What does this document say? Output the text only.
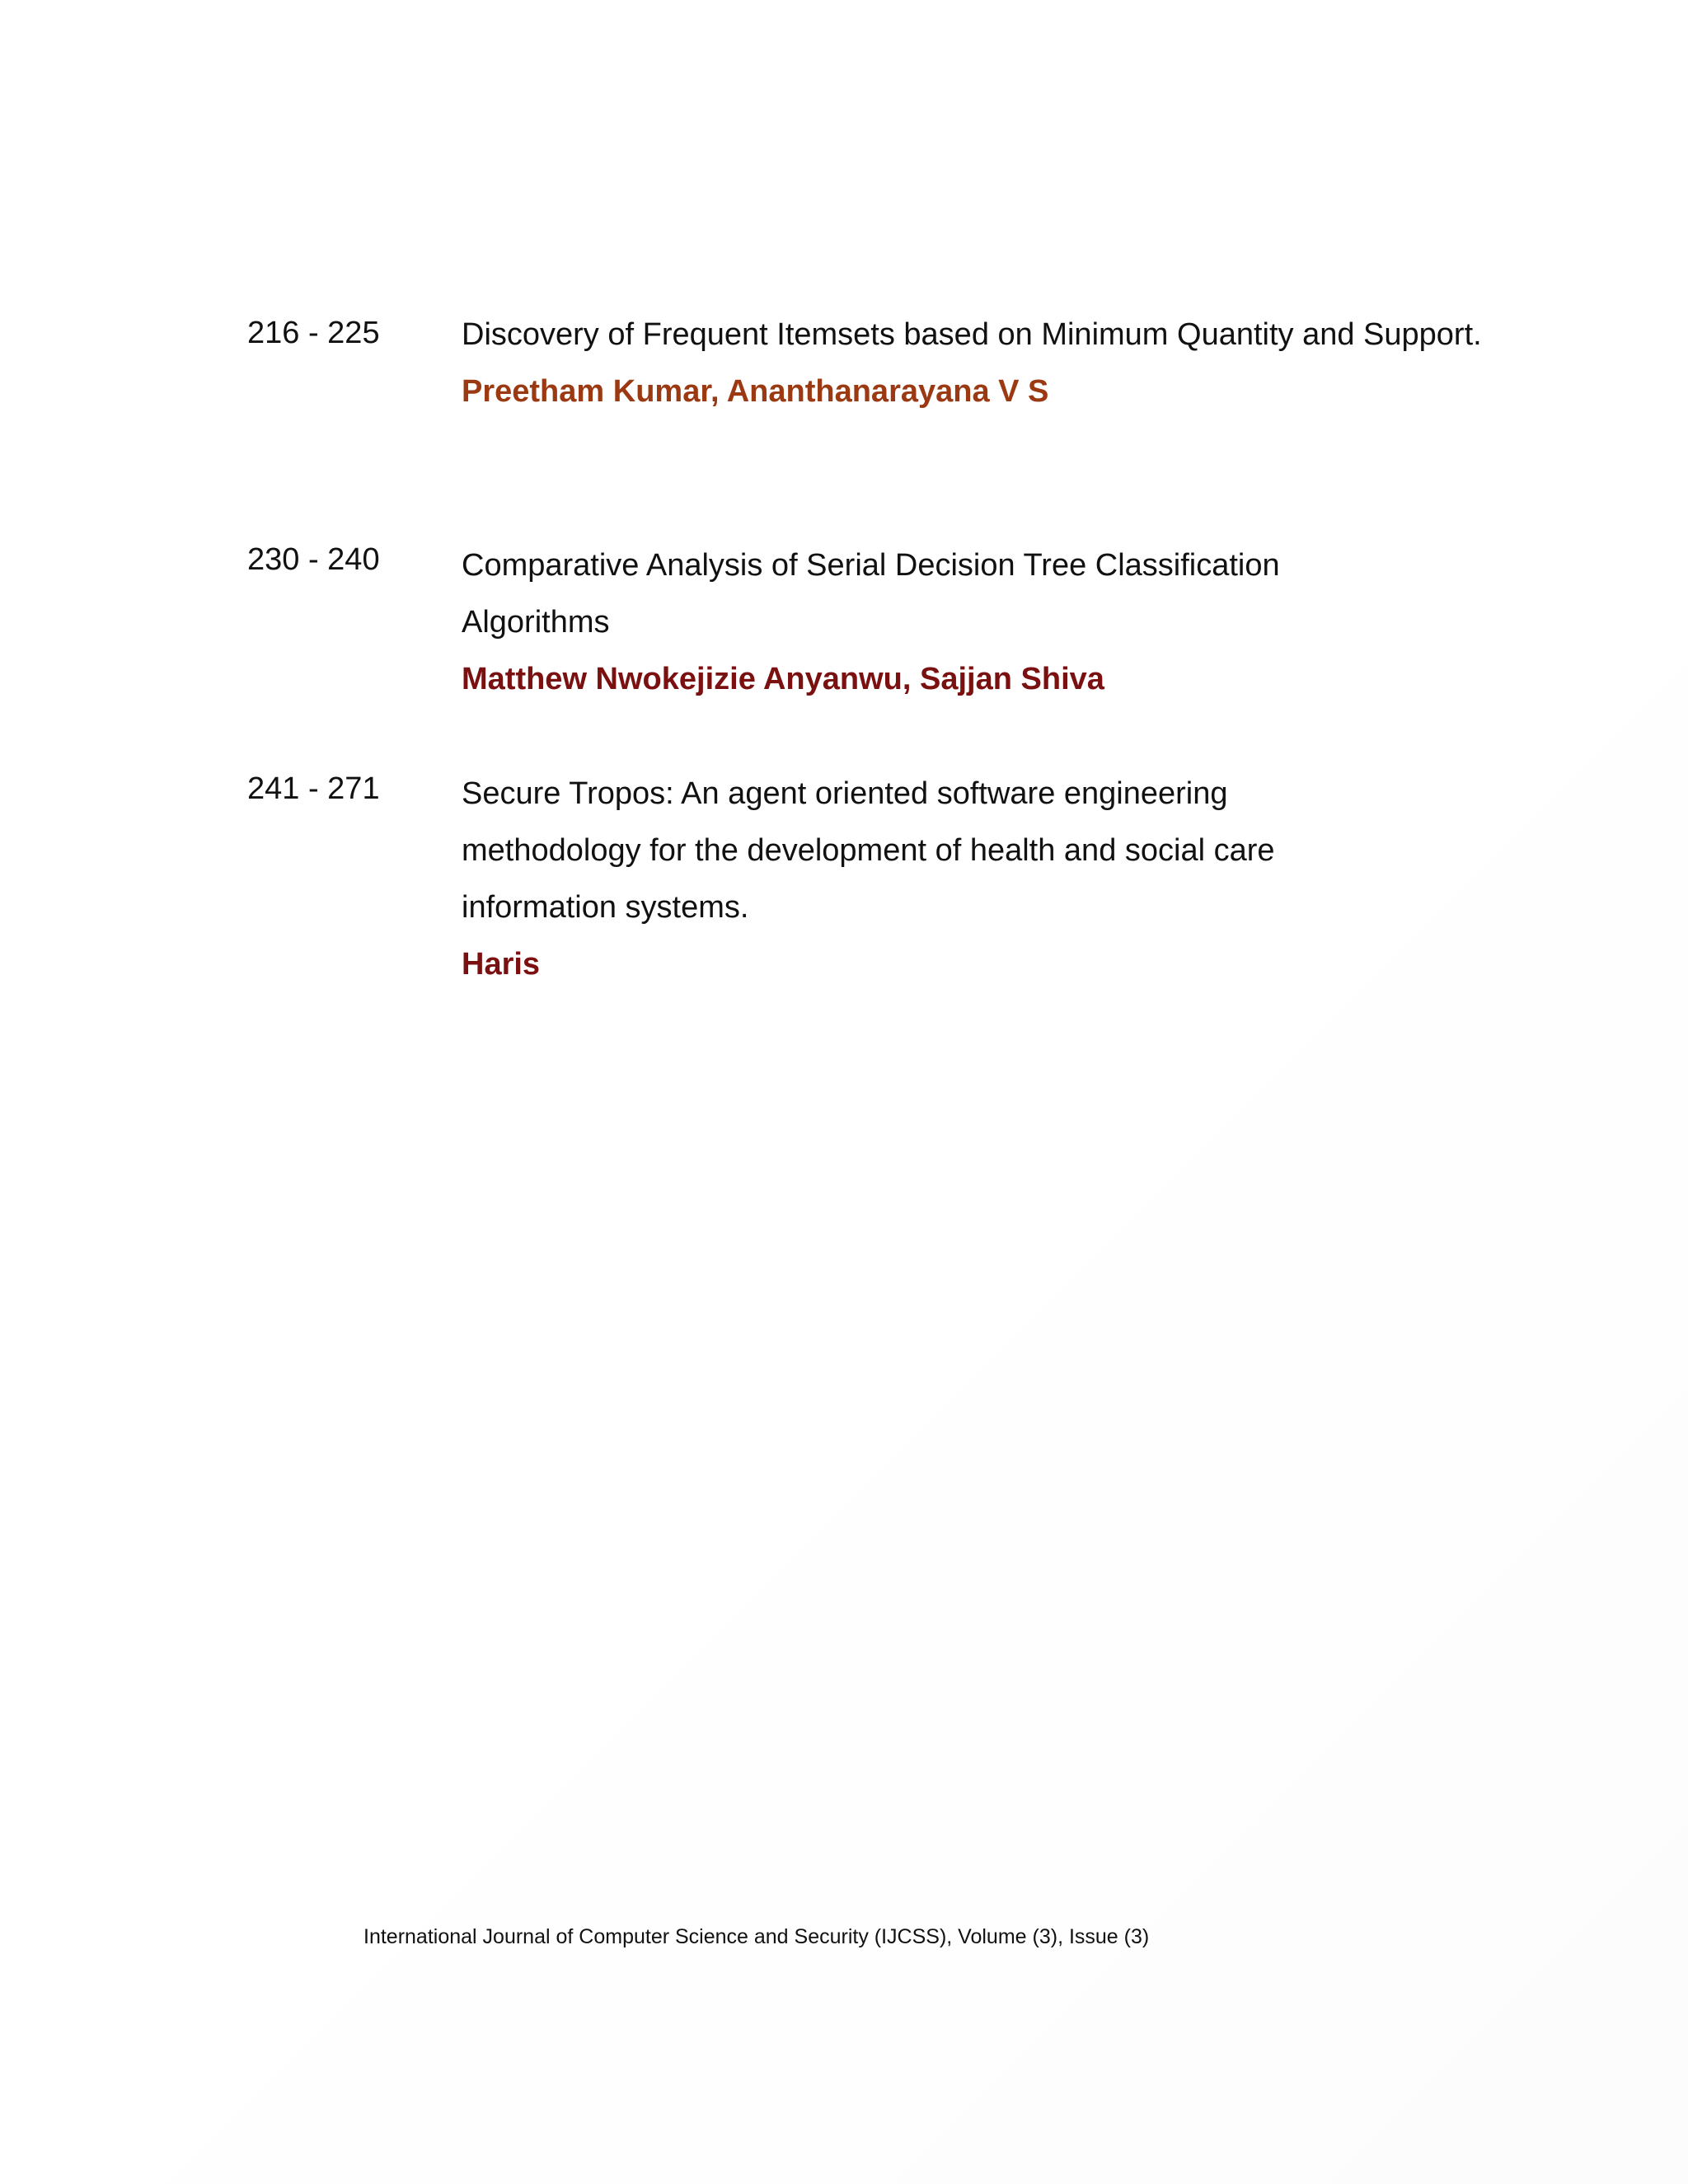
216 - 225	Discovery of Frequent Itemsets based on Minimum Quantity and Support.

Preetham Kumar, Ananthanarayana V S

230 - 240	Comparative Analysis of Serial Decision Tree Classification

Algorithms

Matthew Nwokejizie Anyanwu, Sajjan Shiva

241 - 271	Secure Tropos: An agent oriented software engineering

methodology for the development of health and social care

information systems.

Haris

International Journal of Computer Science and Security (IJCSS), Volume (3), Issue (3)
